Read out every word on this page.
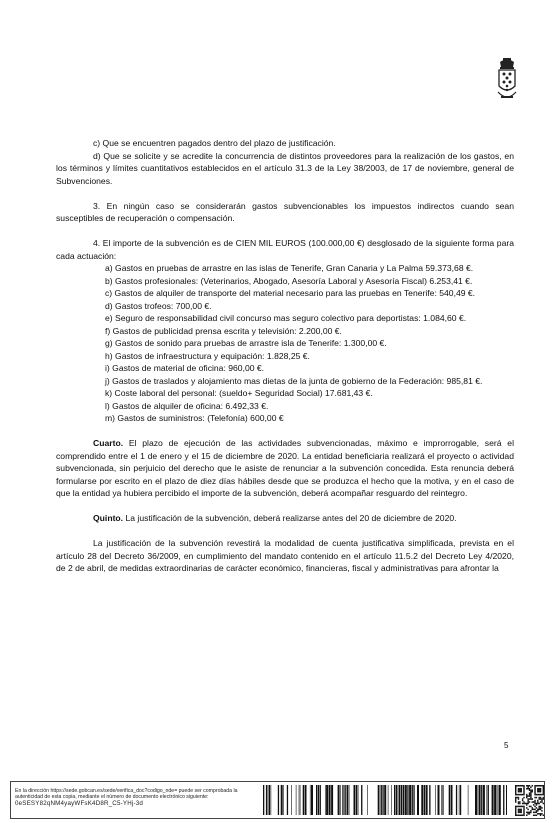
c) Que se encuentren pagados dentro del plazo de justificación.

d) Que se solicite y se acredite la concurrencia de distintos proveedores para la realización de los gastos, en los términos y límites cuantitativos establecidos en el artículo 31.3 de la Ley 38/2003, de 17 de noviembre, general de Subvenciones.

3. En ningún caso se considerarán gastos subvencionables los impuestos indirectos cuando sean susceptibles de recuperación o compensación.

4. El importe de la subvención es de CIEN MIL EUROS (100.000,00 €) desglosado de la siguiente forma para cada actuación:

a) Gastos en pruebas de arrastre en las islas de Tenerife, Gran Canaria y La Palma 59.373,68 €.

b) Gastos profesionales: (Veterinarios, Abogado, Asesoría Laboral y Asesoría Fiscal) 6.253,41 €.

c) Gastos de alquiler de transporte del material necesario para las pruebas en Tenerife: 540,49 €.

d) Gastos trofeos: 700,00 €.

e) Seguro de responsabilidad civil concurso mas seguro colectivo para deportistas: 1.084,60 €.

f) Gastos de publicidad prensa escrita y televisión: 2.200,00 €.

g) Gastos de sonido para pruebas de arrastre isla de Tenerife: 1.300,00 €.

h) Gastos de infraestructura y equipación: 1.828,25 €.

i) Gastos de material de oficina: 960,00 €.

j) Gastos de traslados y alojamiento mas dietas de la junta de gobierno de la Federación: 985,81 €.

k) Coste laboral del personal: (sueldo+ Seguridad Social) 17.681,43 €.

l) Gastos de alquiler de oficina: 6.492,33 €.

m) Gastos de suministros: (Telefonía) 600,00 €

Cuarto. El plazo de ejecución de las actividades subvencionadas, máximo e improrrogable, será el comprendido entre el 1 de enero y el 15 de diciembre de 2020. La entidad beneficiaria realizará el proyecto o actividad subvencionada, sin perjuicio del derecho que le asiste de renunciar a la subvención concedida. Esta renuncia deberá formularse por escrito en el plazo de diez días hábiles desde que se produzca el hecho que la motiva, y en el caso de que la entidad ya hubiera percibido el importe de la subvención, deberá acompañar resguardo del reintegro.

Quinto. La justificación de la subvención, deberá realizarse antes del 20 de diciembre de 2020.

La justificación de la subvención revestirá la modalidad de cuenta justificativa simplificada, prevista en el artículo 28 del Decreto 36/2009, en cumplimiento del mandato contenido en el artículo 11.5.2 del Decreto Ley 4/2020, de 2 de abril, de medidas extraordinarias de carácter económico, financieras, fiscal y administrativas para afrontar la

5
En la dirección https://sede.gobcan.es/sede/verifica_doc?codigo_nde= puede ser comprobada la autenticidad de esta copia, mediante el número de documento electrónico siguiente: 0eSESY82qNM4yayWFsK4D8R_C5-YHj-3d
